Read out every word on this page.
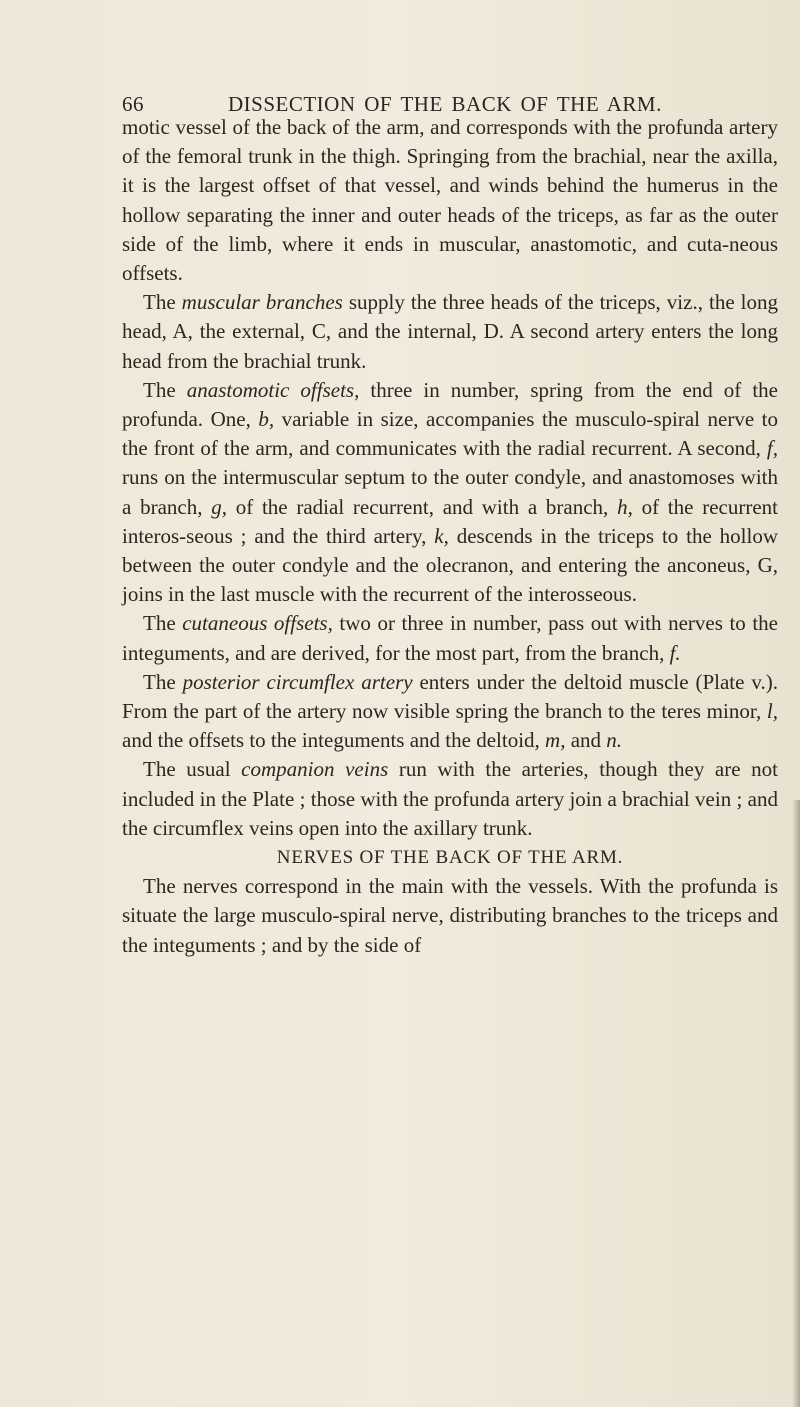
66	DISSECTION OF THE BACK OF THE ARM.

motic vessel of the back of the arm, and corresponds with the profunda artery of the femoral trunk in the thigh. Springing from the brachial, near the axilla, it is the largest offset of that vessel, and winds behind the humerus in the hollow separating the inner and outer heads of the triceps, as far as the outer side of the limb, where it ends in muscular, anastomotic, and cuta-neous offsets.

The muscular branches supply the three heads of the triceps, viz., the long head, A, the external, C, and the internal, D. A second artery enters the long head from the brachial trunk.

The anastomotic offsets, three in number, spring from the end of the profunda. One, b, variable in size, accompanies the musculo-spiral nerve to the front of the arm, and communicates with the radial recurrent. A second, f, runs on the intermuscular septum to the outer condyle, and anastomoses with a branch, g, of the radial recurrent, and with a branch, h, of the recurrent interos-seous ; and the third artery, k, descends in the triceps to the hollow between the outer condyle and the olecranon, and entering the anconeus, G, joins in the last muscle with the recurrent of the interosseous.

The cutaneous offsets, two or three in number, pass out with nerves to the integuments, and are derived, for the most part, from the branch, f.

The posterior circumflex artery enters under the deltoid muscle (Plate v.). From the part of the artery now visible spring the branch to the teres minor, l, and the offsets to the integuments and the deltoid, m, and n.

The usual companion veins run with the arteries, though they are not included in the Plate ; those with the profunda artery join a brachial vein ; and the circumflex veins open into the axillary trunk.

NERVES OF THE BACK OF THE ARM.

The nerves correspond in the main with the vessels. With the profunda is situate the large musculo-spiral nerve, distributing branches to the triceps and the integuments ; and by the side of
